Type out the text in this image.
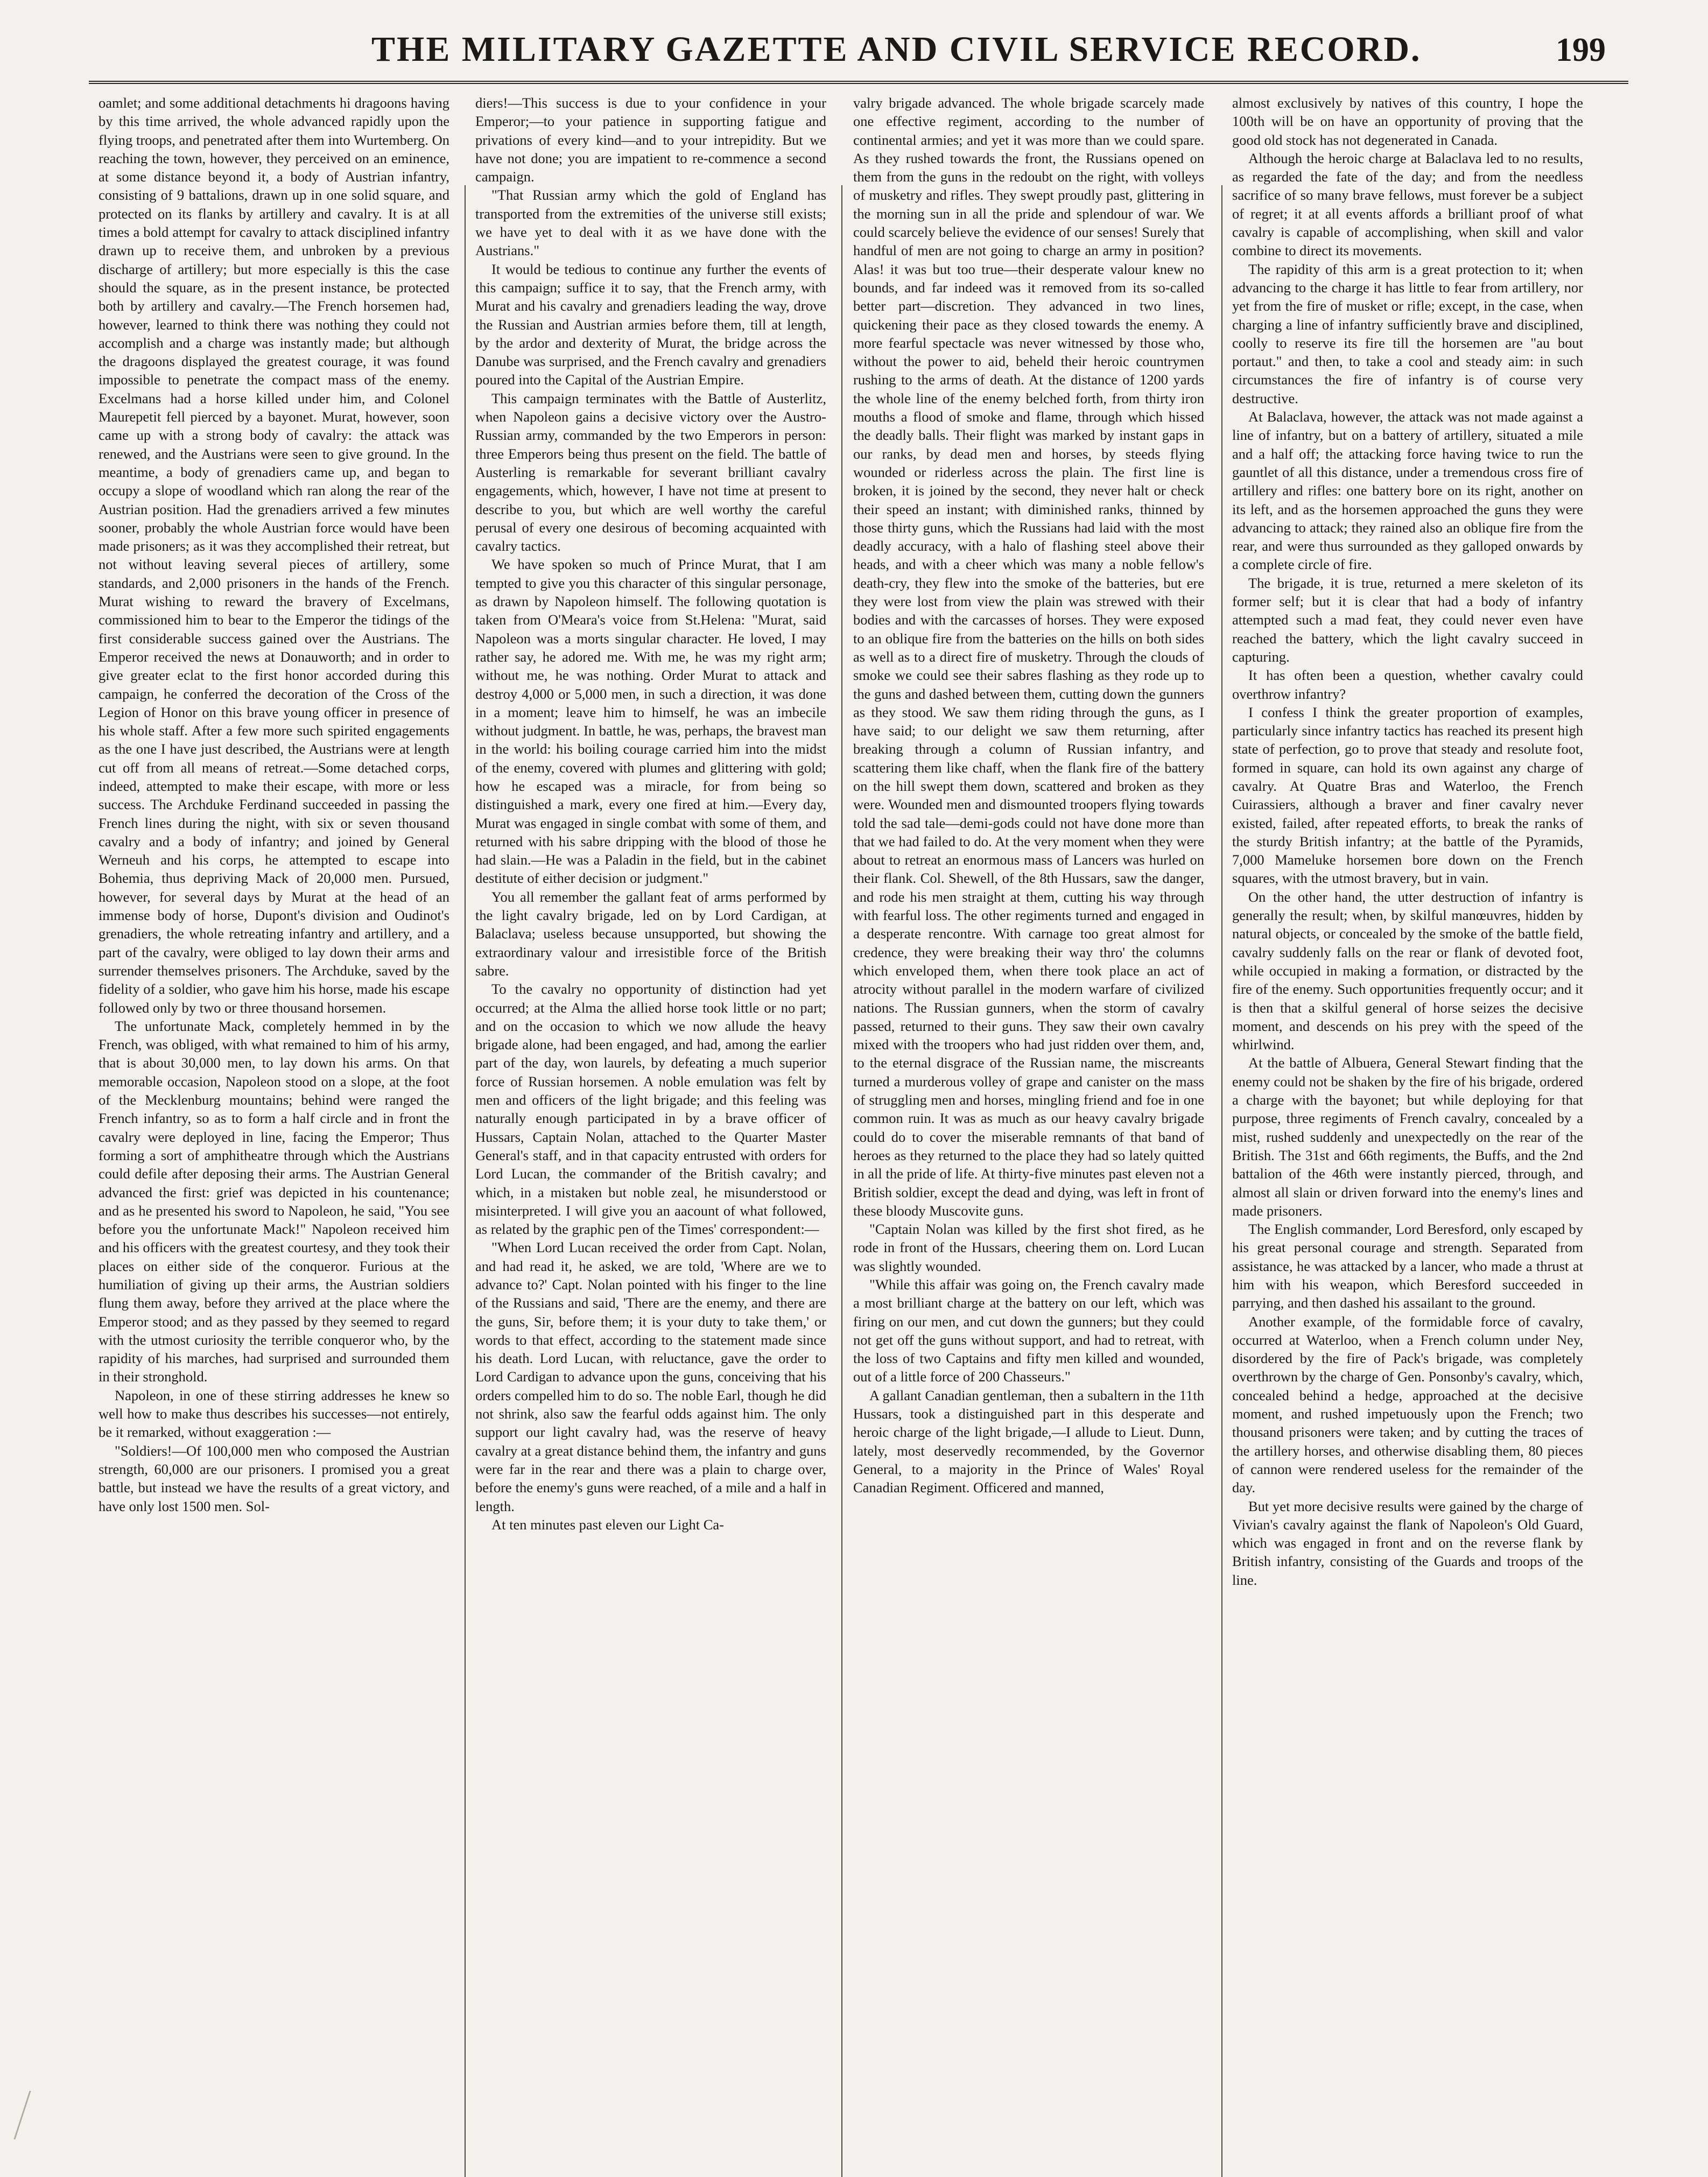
THE MILITARY GAZETTE AND CIVIL SERVICE RECORD.	199

oamlet; and some additional detachments hi dragoons having by this time arrived, the whole advanced rapidly upon the flying troops, and penetrated after them into Wurtemberg. On reaching the town, however, they perceived on an eminence, at some distance beyond it, a body of Austrian infantry, consisting of 9 battalions, drawn up in one solid square, and protected on its flanks by artillery and cavalry. It is at all times a bold attempt for cavalry to attack disciplined infantry drawn up to receive them, and unbroken by a previous discharge of artillery; but more especially is this the case should the square, as in the present instance, be protected both by artillery and cavalry.—The French horsemen had, however, learned to think there was nothing they could not accomplish and a charge was instantly made; but although the dragoons displayed the greatest courage, it was found impossible to penetrate the compact mass of the enemy. Excelmans had a horse killed under him, and Colonel Maurepetit fell pierced by a bayonet. Murat, however, soon came up with a strong body of cavalry: the attack was renewed, and the Austrians were seen to give ground. In the meantime, a body of grenadiers came up, and began to occupy a slope of woodland which ran along the rear of the Austrian position. Had the grenadiers arrived a few minutes sooner, probably the whole Austrian force would have been made prisoners; as it was they accomplished their retreat, but not without leaving several pieces of artillery, some standards, and 2,000 prisoners in the hands of the French. Murat wishing to reward the bravery of Excelmans, commissioned him to bear to the Emperor the tidings of the first considerable success gained over the Austrians. The Emperor received the news at Donauworth; and in order to give greater eclat to the first honor accorded during this campaign, he conferred the decoration of the Cross of the Legion of Honor on this brave young officer in presence of his whole staff. After a few more such spirited engagements as the one I have just described, the Austrians were at length cut off from all means of retreat.—Some detached corps, indeed, attempted to make their escape, with more or less success. The Archduke Ferdinand succeeded in passing the French lines during the night, with six or seven thousand cavalry and a body of infantry; and joined by General Werneuh and his corps, he attempted to escape into Bohemia, thus depriving Mack of 20,000 men. Pursued, however, for several days by Murat at the head of an immense body of horse, Dupont's division and Oudinot's grenadiers, the whole retreating infantry and artillery, and a part of the cavalry, were obliged to lay down their arms and surrender themselves prisoners. The Archduke, saved by the fidelity of a soldier, who gave him his horse, made his escape followed only by two or three thousand horsemen.

The unfortunate Mack, completely hemmed in by the French, was obliged, with what remained to him of his army, that is about 30,000 men, to lay down his arms. On that memorable occasion, Napoleon stood on a slope, at the foot of the Mecklenburg mountains; behind were ranged the French infantry, so as to form a half circle and in front the cavalry were deployed in line, facing the Emperor; Thus forming a sort of amphitheatre through which the Austrians could defile after deposing their arms. The Austrian General advanced the first: grief was depicted in his countenance; and as he presented his sword to Napoleon, he said, "You see before you the unfortunate Mack!" Napoleon received him and his officers with the greatest courtesy, and they took their places on either side of the conqueror. Furious at the humiliation of giving up their arms, the Austrian soldiers flung them away, before they arrived at the place where the Emperor stood; and as they passed by they seemed to regard with the utmost curiosity the terrible conqueror who, by the rapidity of his marches, had surprised and surrounded them in their stronghold.

Napoleon, in one of these stirring addresses he knew so well how to make thus describes his successes—not entirely, be it remarked, without exaggeration :—

"Soldiers!—Of 100,000 men who composed the Austrian strength, 60,000 are our prisoners. I promised you a great battle, but instead we have the results of a great victory, and have only lost 1500 men. Sol-

diers!—This success is due to your confidence in your Emperor;—to your patience in supporting fatigue and privations of every kind—and to your intrepidity. But we have not done; you are impatient to re-commence a second campaign.

"That Russian army which the gold of England has transported from the extremities of the universe still exists; we have yet to deal with it as we have done with the Austrians."

It would be tedious to continue any further the events of this campaign; suffice it to say, that the French army, with Murat and his cavalry and grenadiers leading the way, drove the Russian and Austrian armies before them, till at length, by the ardor and dexterity of Murat, the bridge across the Danube was surprised, and the French cavalry and grenadiers poured into the Capital of the Austrian Empire.

This campaign terminates with the Battle of Austerlitz, when Napoleon gains a decisive victory over the Austro-Russian army, commanded by the two Emperors in person: three Emperors being thus present on the field. The battle of Austerling is remarkable for severant brilliant cavalry engagements, which, however, I have not time at present to describe to you, but which are well worthy the careful perusal of every one desirous of becoming acquainted with cavalry tactics.

We have spoken so much of Prince Murat, that I am tempted to give you this character of this singular personage, as drawn by Napoleon himself. The following quotation is taken from O'Meara's voice from St.Helena: "Murat, said Napoleon was a morts singular character. He loved, I may rather say, he adored me. With me, he was my right arm; without me, he was nothing. Order Murat to attack and destroy 4,000 or 5,000 men, in such a direction, it was done in a moment; leave him to himself, he was an imbecile without judgment. In battle, he was, perhaps, the bravest man in the world: his boiling courage carried him into the midst of the enemy, covered with plumes and glittering with gold; how he escaped was a miracle, for from being so distinguished a mark, every one fired at him.—Every day, Murat was engaged in single combat with some of them, and returned with his sabre dripping with the blood of those he had slain.—He was a Paladin in the field, but in the cabinet destitute of either decision or judgment."

You all remember the gallant feat of arms performed by the light cavalry brigade, led on by Lord Cardigan, at Balaclava; useless because unsupported, but showing the extraordinary valour and irresistible force of the British sabre.

To the cavalry no opportunity of distinction had yet occurred; at the Alma the allied horse took little or no part; and on the occasion to which we now allude the heavy brigade alone, had been engaged, and had, among the earlier part of the day, won laurels, by defeating a much superior force of Russian horsemen. A noble emulation was felt by men and officers of the light brigade; and this feeling was naturally enough participated in by a brave officer of Hussars, Captain Nolan, attached to the Quarter Master General's staff, and in that capacity entrusted with orders for Lord Lucan, the commander of the British cavalry; and which, in a mistaken but noble zeal, he misunderstood or misinterpreted. I will give you an aacount of what followed, as related by the graphic pen of the Times' correspondent:—

"When Lord Lucan received the order from Capt. Nolan, and had read it, he asked, we are told, 'Where are we to advance to?' Capt. Nolan pointed with his finger to the line of the Russians and said, 'There are the enemy, and there are the guns, Sir, before them; it is your duty to take them,' or words to that effect, according to the statement made since his death. Lord Lucan, with reluctance, gave the order to Lord Cardigan to advance upon the guns, conceiving that his orders compelled him to do so. The noble Earl, though he did not shrink, also saw the fearful odds against him. The only support our light cavalry had, was the reserve of heavy cavalry at a great distance behind them, the infantry and guns were far in the rear and there was a plain to charge over, before the enemy's guns were reached, of a mile and a half in length.

At ten minutes past eleven our Light Ca-

valry brigade advanced. The whole brigade scarcely made one effective regiment, according to the number of continental armies; and yet it was more than we could spare. As they rushed towards the front, the Russians opened on them from the guns in the redoubt on the right, with volleys of musketry and rifles. They swept proudly past, glittering in the morning sun in all the pride and splendour of war. We could scarcely believe the evidence of our senses! Surely that handful of men are not going to charge an army in position? Alas! it was but too true—their desperate valour knew no bounds, and far indeed was it removed from its so-called better part—discretion. They advanced in two lines, quickening their pace as they closed towards the enemy. A more fearful spectacle was never witnessed by those who, without the power to aid, beheld their heroic countrymen rushing to the arms of death. At the distance of 1200 yards the whole line of the enemy belched forth, from thirty iron mouths a flood of smoke and flame, through which hissed the deadly balls. Their flight was marked by instant gaps in our ranks, by dead men and horses, by steeds flying wounded or riderless across the plain. The first line is broken, it is joined by the second, they never halt or check their speed an instant; with diminished ranks, thinned by those thirty guns, which the Russians had laid with the most deadly accuracy, with a halo of flashing steel above their heads, and with a cheer which was many a noble fellow's death-cry, they flew into the smoke of the batteries, but ere they were lost from view the plain was strewed with their bodies and with the carcasses of horses. They were exposed to an oblique fire from the batteries on the hills on both sides as well as to a direct fire of musketry. Through the clouds of smoke we could see their sabres flashing as they rode up to the guns and dashed between them, cutting down the gunners as they stood. We saw them riding through the guns, as I have said; to our delight we saw them returning, after breaking through a column of Russian infantry, and scattering them like chaff, when the flank fire of the battery on the hill swept them down, scattered and broken as they were. Wounded men and dismounted troopers flying towards told the sad tale—demi-gods could not have done more than that we had failed to do. At the very moment when they were about to retreat an enormous mass of Lancers was hurled on their flank. Col. Shewell, of the 8th Hussars, saw the danger, and rode his men straight at them, cutting his way through with fearful loss. The other regiments turned and engaged in a desperate rencontre. With carnage too great almost for credence, they were breaking their way thro' the columns which enveloped them, when there took place an act of atrocity without parallel in the modern warfare of civilized nations. The Russian gunners, when the storm of cavalry passed, returned to their guns. They saw their own cavalry mixed with the troopers who had just ridden over them, and, to the eternal disgrace of the Russian name, the miscreants turned a murderous volley of grape and canister on the mass of struggling men and horses, mingling friend and foe in one common ruin. It was as much as our heavy cavalry brigade could do to cover the miserable remnants of that band of heroes as they returned to the place they had so lately quitted in all the pride of life. At thirty-five minutes past eleven not a British soldier, except the dead and dying, was left in front of these bloody Muscovite guns.

"Captain Nolan was killed by the first shot fired, as he rode in front of the Hussars, cheering them on. Lord Lucan was slightly wounded.

"While this affair was going on, the French cavalry made a most brilliant charge at the battery on our left, which was firing on our men, and cut down the gunners; but they could not get off the guns without support, and had to retreat, with the loss of two Captains and fifty men killed and wounded, out of a little force of 200 Chasseurs."

A gallant Canadian gentleman, then a subaltern in the 11th Hussars, took a distinguished part in this desperate and heroic charge of the light brigade,—I allude to Lieut. Dunn, lately, most deservedly recommended, by the Governor General, to a majority in the Prince of Wales' Royal Canadian Regiment. Officered and manned,

almost exclusively by natives of this country, I hope the 100th will be on have an opportunity of proving that the good old stock has not degenerated in Canada.

Although the heroic charge at Balaclava led to no results, as regarded the fate of the day; and from the needless sacrifice of so many brave fellows, must forever be a subject of regret; it at all events affords a brilliant proof of what cavalry is capable of accomplishing, when skill and valor combine to direct its movements.

The rapidity of this arm is a great protection to it; when advancing to the charge it has little to fear from artillery, nor yet from the fire of musket or rifle; except, in the case, when charging a line of infantry sufficiently brave and disciplined, coolly to reserve its fire till the horsemen are "au bout portaut." and then, to take a cool and steady aim: in such circumstances the fire of infantry is of course very destructive.

At Balaclava, however, the attack was not made against a line of infantry, but on a battery of artillery, situated a mile and a half off; the attacking force having twice to run the gauntlet of all this distance, under a tremendous cross fire of artillery and rifles: one battery bore on its right, another on its left, and as the horsemen approached the guns they were advancing to attack; they rained also an oblique fire from the rear, and were thus surrounded as they galloped onwards by a complete circle of fire.

The brigade, it is true, returned a mere skeleton of its former self; but it is clear that had a body of infantry attempted such a mad feat, they could never even have reached the battery, which the light cavalry succeed in capturing.

It has often been a question, whether cavalry could overthrow infantry?

I confess I think the greater proportion of examples, particularly since infantry tactics has reached its present high state of perfection, go to prove that steady and resolute foot, formed in square, can hold its own against any charge of cavalry. At Quatre Bras and Waterloo, the French Cuirassiers, although a braver and finer cavalry never existed, failed, after repeated efforts, to break the ranks of the sturdy British infantry; at the battle of the Pyramids, 7,000 Mameluke horsemen bore down on the French squares, with the utmost bravery, but in vain.

On the other hand, the utter destruction of infantry is generally the result; when, by skilful manœuvres, hidden by natural objects, or concealed by the smoke of the battle field, cavalry suddenly falls on the rear or flank of devoted foot, while occupied in making a formation, or distracted by the fire of the enemy. Such opportunities frequently occur; and it is then that a skilful general of horse seizes the decisive moment, and descends on his prey with the speed of the whirlwind.

At the battle of Albuera, General Stewart finding that the enemy could not be shaken by the fire of his brigade, ordered a charge with the bayonet; but while deploying for that purpose, three regiments of French cavalry, concealed by a mist, rushed suddenly and unexpectedly on the rear of the British. The 31st and 66th regiments, the Buffs, and the 2nd battalion of the 46th were instantly pierced, through, and almost all slain or driven forward into the enemy's lines and made prisoners.

The English commander, Lord Beresford, only escaped by his great personal courage and strength. Separated from assistance, he was attacked by a lancer, who made a thrust at him with his weapon, which Beresford succeeded in parrying, and then dashed his assailant to the ground.

Another example, of the formidable force of cavalry, occurred at Waterloo, when a French column under Ney, disordered by the fire of Pack's brigade, was completely overthrown by the charge of Gen. Ponsonby's cavalry, which, concealed behind a hedge, approached at the decisive moment, and rushed impetuously upon the French; two thousand prisoners were taken; and by cutting the traces of the artillery horses, and otherwise disabling them, 80 pieces of cannon were rendered useless for the remainder of the day.

But yet more decisive results were gained by the charge of Vivian's cavalry against the flank of Napoleon's Old Guard, which was engaged in front and on the reverse flank by British infantry, consisting of the Guards and troops of the line.
